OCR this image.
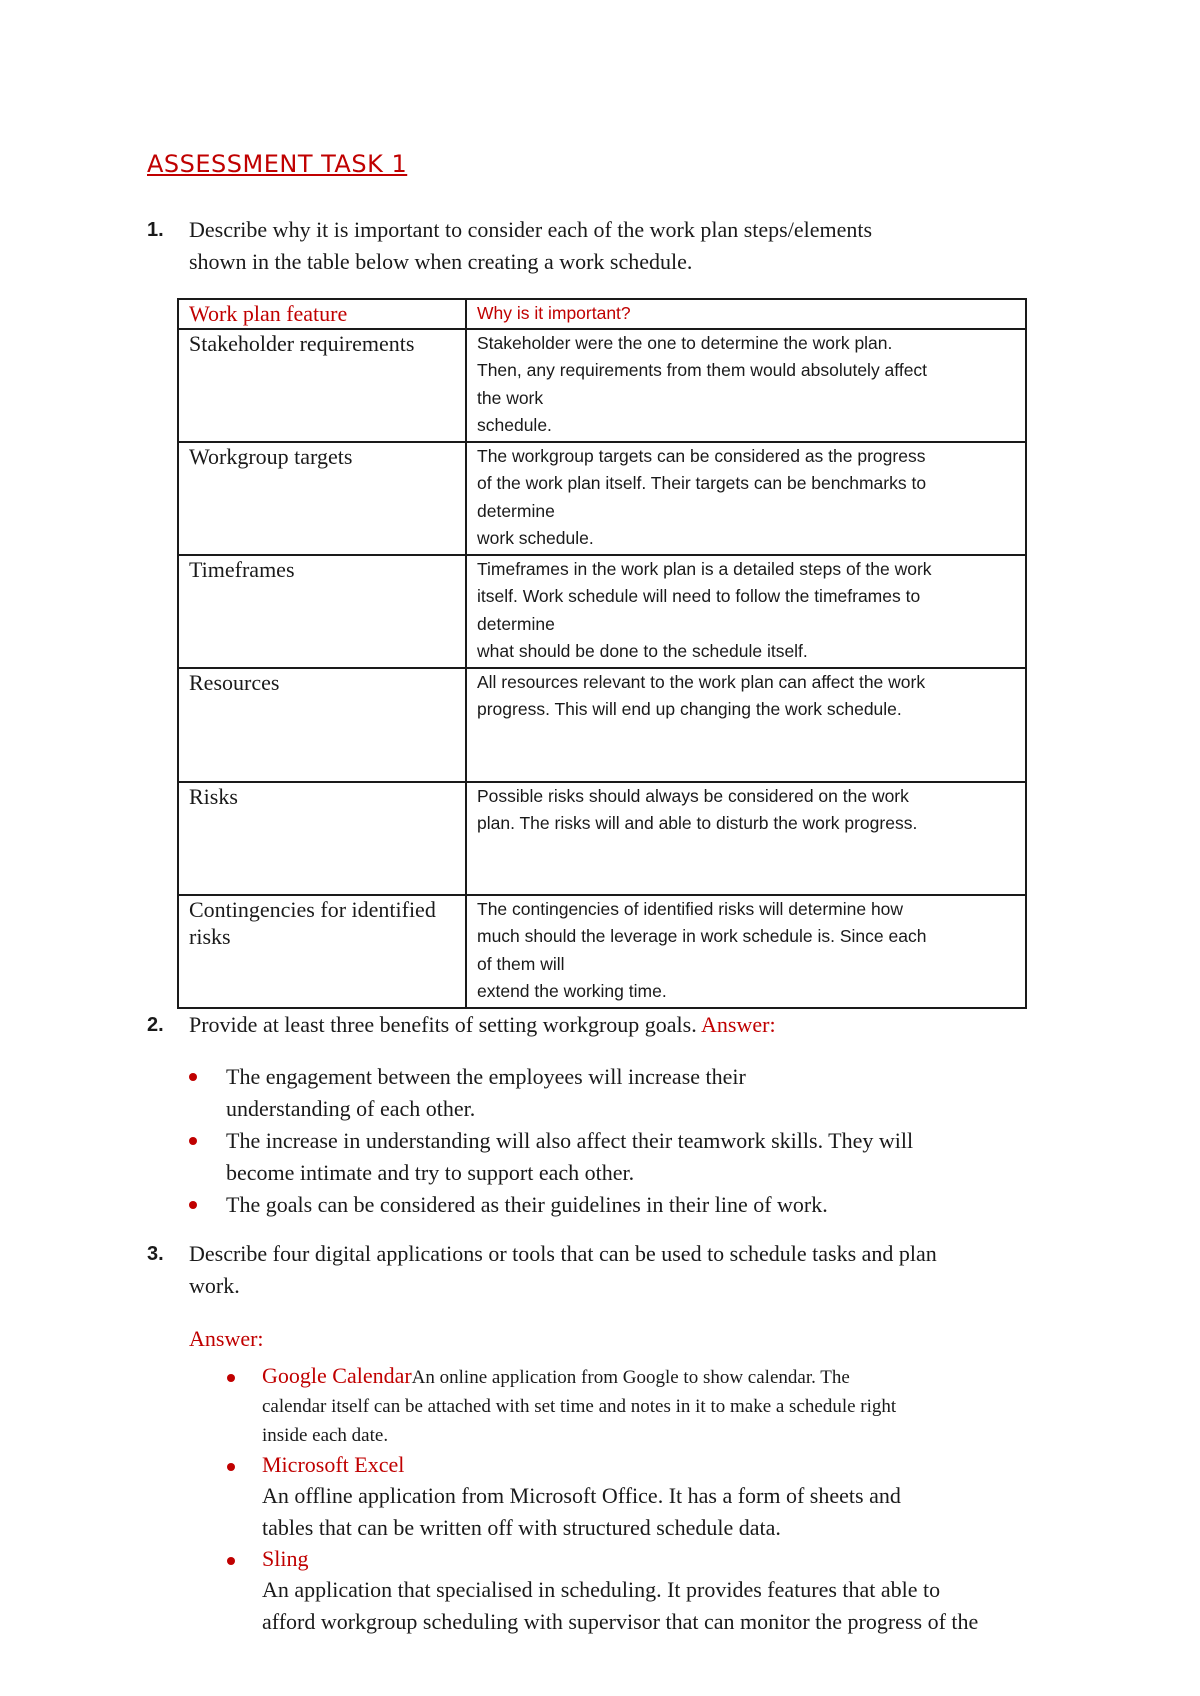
ASSESSMENT TASK 1
1.	Describe why it is important to consider each of the work plan steps/elements
shown in the table below when creating a work schedule.
Work plan feature	Why is it important?
Stakeholder requirements	Stakeholder were the one to determine the work plan.
Then, any requirements from them would absolutely affect
the work
schedule.

Workgroup targets	The workgroup targets can be considered as the progress
of the work plan itself. Their targets can be benchmarks to
determine
work schedule.

Timeframes	Timeframes in the work plan is a detailed steps of the work
itself. Work schedule will need to follow the timeframes to
determine
what should be done to the schedule itself.

Resources	All resources relevant to the work plan can affect the work
progress. This will end up changing the work schedule.

Risks	Possible risks should always be considered on the work
plan. The risks will and able to disturb the work progress.

Contingencies for identified risks	The contingencies of identified risks will determine how
much should the leverage in work schedule is. Since each
of them will
extend the working time.
2.	Provide at least three benefits of setting workgroup goals. Answer:
The engagement between the employees will increase their
understanding of each other.
The increase in understanding will also affect their teamwork skills. They will
become intimate and try to support each other.
The goals can be considered as their guidelines in their line of work.
3.	Describe four digital applications or tools that can be used to schedule tasks and plan
work.
Answer:
Google CalendarAn online application from Google to show calendar. The
calendar itself can be attached with set time and notes in it to make a schedule right
inside each date.
Microsoft Excel
An offline application from Microsoft Office. It has a form of sheets and
tables that can be written off with structured schedule data.
Sling
An application that specialised in scheduling. It provides features that able to
afford workgroup scheduling with supervisor that can monitor the progress of the
